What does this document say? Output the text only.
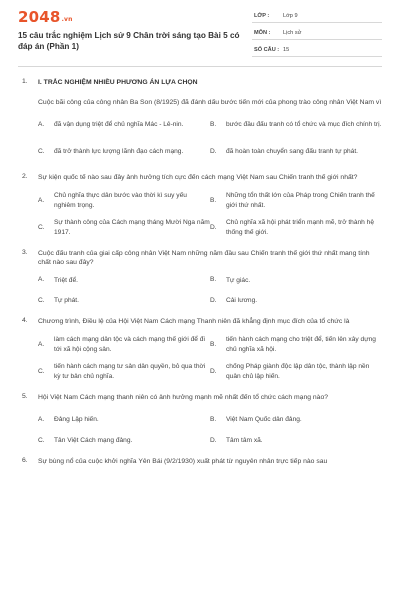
2048.vn
15 câu trắc nghiệm Lịch sử 9 Chân trời sáng tạo Bài 5 có đáp án (Phần 1)
LỚP : Lớp 9
MÔN : Lịch sử
SỐ CÂU : 15
1. I. TRẮC NGHIỆM NHIỀU PHƯƠNG ÁN LỰA CHỌN
Cuộc bãi công của công nhân Ba Son (8/1925) đã đánh dấu bước tiến mới của phong trào công nhân Việt Nam vì
A. đã vận dụng triệt để chủ nghĩa Mác - Lê-nin.	B. bước đầu đấu tranh có tổ chức và mục đích chính trị.
C. đã trở thành lực lượng lãnh đạo cách mạng.	D. đã hoàn toàn chuyển sang đấu tranh tự phát.
2. Sự kiện quốc tế nào sau đây ảnh hưởng tích cực đến cách mạng Việt Nam sau Chiến tranh thế giới nhất?
A.
Chủ nghĩa thực dân bước vào thời kì suy yếu nghiêm trọng.
B.
Những tổn thất lớn của Pháp trong Chiến tranh thế giới thứ nhất.
C.
Sự thành công của Cách mạng tháng Mười Nga năm 1917.
D.
Chủ nghĩa xã hội phát triển mạnh mẽ, trở thành hệ thống thế giới.
3. Cuộc đấu tranh của giai cấp công nhân Việt Nam những năm đầu sau Chiến tranh thế giới thứ nhất mang tính chất nào sau đây?
A. Triệt để.	B. Tự giác.
C. Tự phát.	D. Cải lương.
4. Chương trình, Điều lệ của Hội Việt Nam Cách mạng Thanh niên đã khẳng định mục đích của tổ chức là
A.
làm cách mạng dân tộc và cách mạng thế giới để đi tới xã hội cộng sản.
B.
tiến hành cách mạng cho triệt để, tiến lên xây dựng chủ nghĩa xã hội.
C.
tiến hành cách mạng tư sản dân quyền, bỏ qua thời kỳ tư bản chủ nghĩa.
D.
chống Pháp giành độc lập dân tộc, thành lập nền quân chủ lập hiến.
5. Hội Việt Nam Cách mạng thanh niên có ảnh hưởng mạnh mẽ nhất đến tổ chức cách mạng nào?
A. Đảng Lập hiến.	B. Việt Nam Quốc dân đảng.
C. Tân Việt Cách mạng đảng.	D. Tâm tâm xã.
6. Sự bùng nổ của cuộc khởi nghĩa Yên Bái (9/2/1930) xuất phát từ nguyên nhân trực tiếp nào sau
